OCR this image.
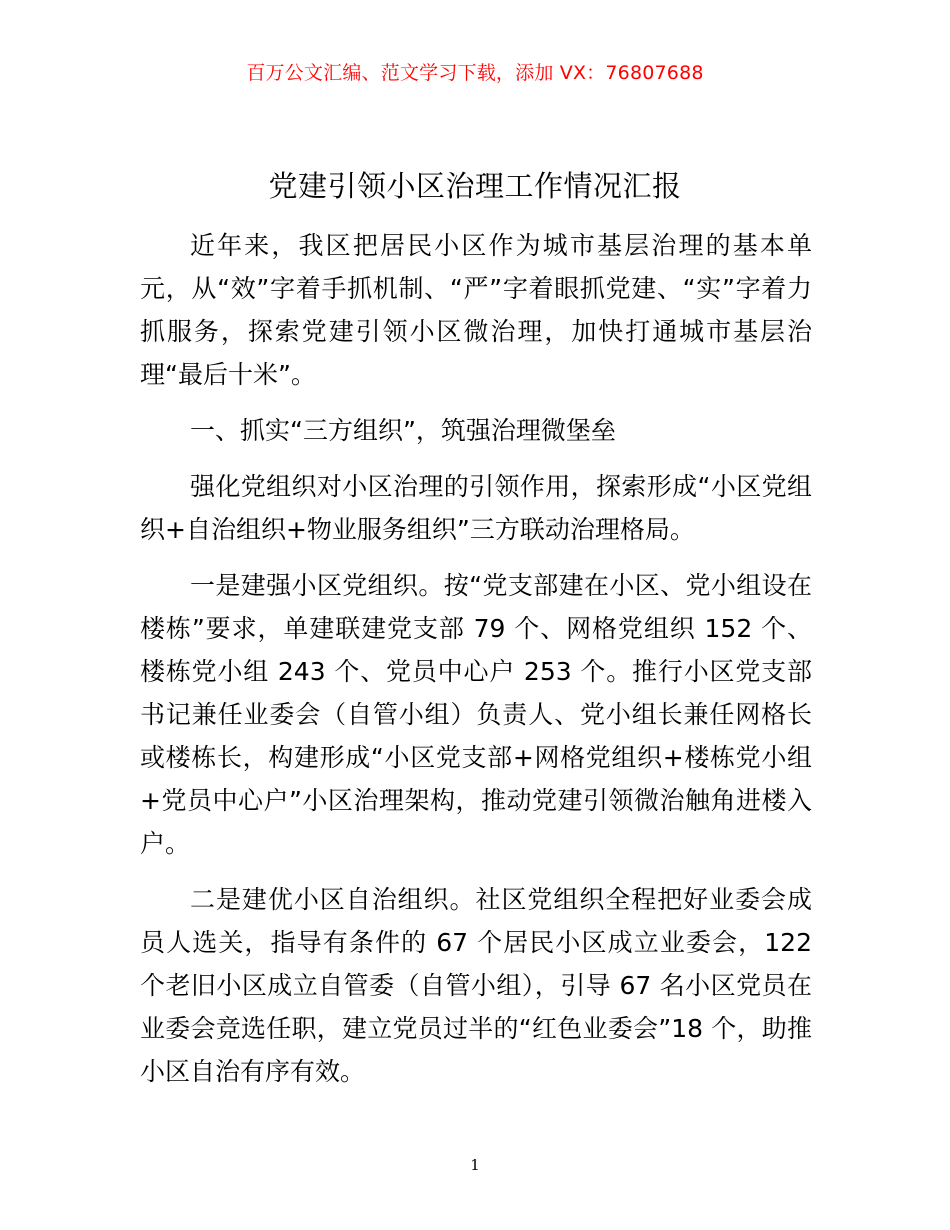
百万公文汇编、范文学习下载，添加 VX：76807688
党建引领小区治理工作情况汇报

近年来，我区把居民小区作为城市基层治理的基本单元，从“效”字着手抓机制、“严”字着眼抓党建、“实”字着力抓服务，探索党建引领小区微治理，加快打通城市基层治理“最后十米”。

一、抓实“三方组织”，筑强治理微堡垒

强化党组织对小区治理的引领作用，探索形成“小区党组织+自治组织+物业服务组织”三方联动治理格局。

一是建强小区党组织。按“党支部建在小区、党小组设在楼栋”要求，单建联建党支部 79 个、网格党组织 152 个、楼栋党小组 243 个、党员中心户 253 个。推行小区党支部书记兼任业委会（自管小组）负责人、党小组长兼任网格长或楼栋长，构建形成“小区党支部+网格党组织+楼栋党小组+党员中心户”小区治理架构，推动党建引领微治触角进楼入户。

二是建优小区自治组织。社区党组织全程把好业委会成员人选关，指导有条件的 67 个居民小区成立业委会，122 个老旧小区成立自管委（自管小组），引导 67 名小区党员在业委会竞选任职，建立党员过半的“红色业委会”18 个，助推小区自治有序有效。

1
